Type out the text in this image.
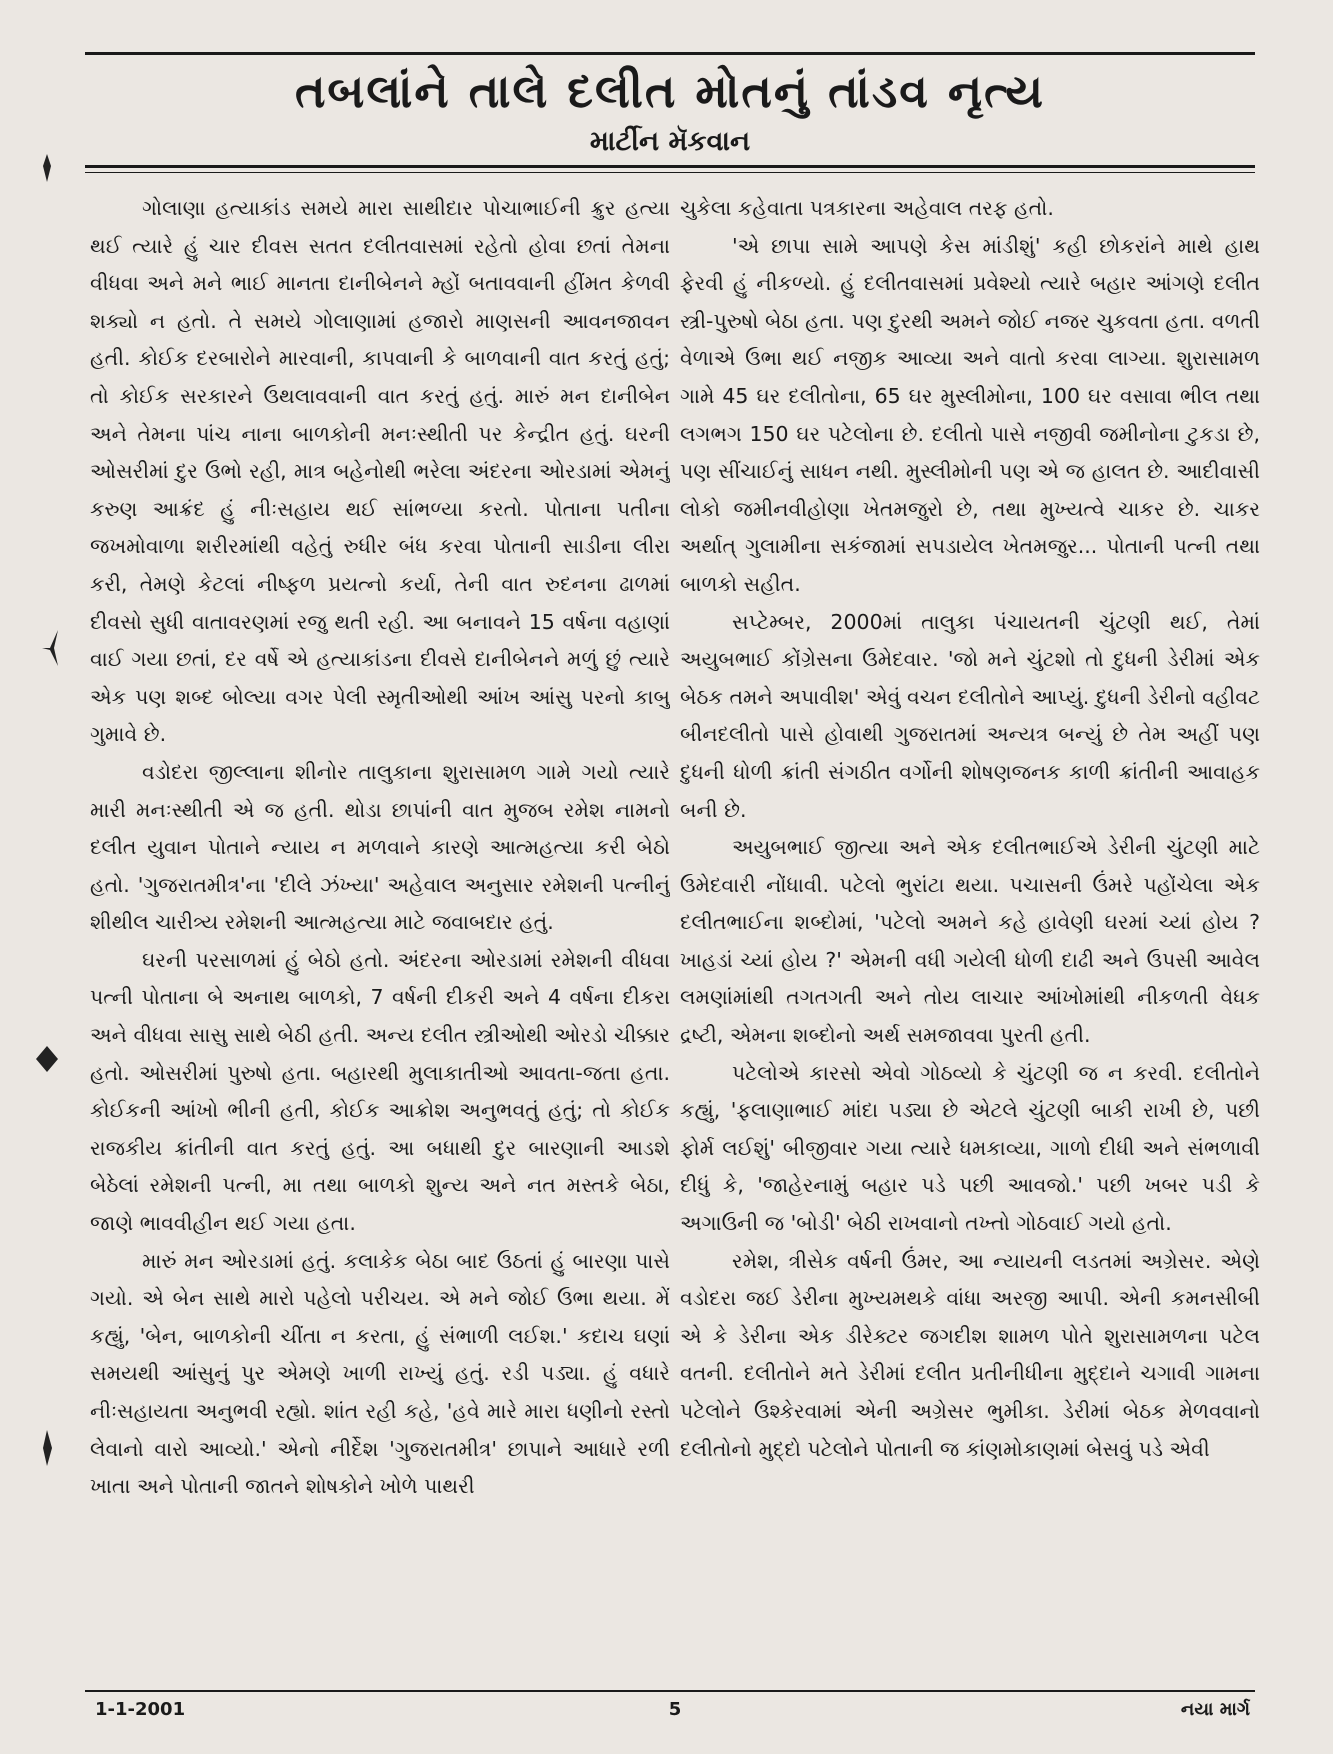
તબલાંને તાલે દલીત મોતનું તાંડવ નૃત્ય
માર્ટીન મૅકવાન

ગોલાણા હત્યાકાંડ સમયે મારા સાથીદાર પોચાભાઈની ક્રુર હત્યા થઈ ત્યારે હું ચાર દીવસ સતત દલીતવાસમાં રહેતો હોવા છતાં તેમના વીધવા અને મને ભાઈ માનતા દાનીબેનને મ્હોં બતાવવાની હીંમત કેળવી શક્યો ન હતો. તે સમયે ગોલાણામાં હજારો માણસની આવનજાવન હતી. કોઈક દરબારોને મારવાની, કાપવાની કે બાળવાની વાત કરતું હતું; તો કોઈક સરકારને ઉથલાવવાની વાત કરતું હતું. મારું મન દાનીબેન અને તેમના પાંચ નાના બાળકોની મનઃસ્થીતી પર કેન્દ્રીત હતું. ઘરની ઓસરીમાં દુર ઉભો રહી, માત્ર બહેનોથી ભરેલા અંદરના ઓરડામાં એમનું કરુણ આક્રંદ હું નીઃસહાય થઈ સાંભળ્યા કરતો. પોતાના પતીના જખમોવાળા શરીરમાંથી વહેતું રુધીર બંધ કરવા પોતાની સાડીના લીરા કરી, તેમણે કેટલાં નીષ્ફળ પ્રયત્નો કર્યા, તેની વાત રુદનના ઢાળમાં દીવસો સુધી વાતાવરણમાં રજુ થતી રહી. આ બનાવને 15 વર્ષના વહાણાં વાઈ ગયા છતાં, દર વર્ષે એ હત્યાકાંડના દીવસે દાનીબેનને મળું છું ત્યારે એક પણ શબ્દ બોલ્યા વગર પેલી સ્મૃતીઓથી આંખ આંસુ પરનો કાબુ ગુમાવે છે.

વડોદરા જીલ્લાના શીનોર તાલુકાના શુરાસામળ ગામે ગયો ત્યારે મારી મનઃસ્થીતી એ જ હતી. થોડા છાપાંની વાત મુજબ રમેશ નામનો દલીત યુવાન પોતાને ન્યાય ન મળવાને કારણે આત્મહત્યા કરી બેઠો હતો. 'ગુજરાતમીત્ર'ના 'દીલે ઝંખ્યા' અહેવાલ અનુસાર રમેશની પત્નીનું શીથીલ ચારીત્ર્ય રમેશની આત્મહત્યા માટે જવાબદાર હતું.

ઘરની પરસાળમાં હું બેઠો હતો. અંદરના ઓરડામાં રમેશની વીધવા પત્ની પોતાના બે અનાથ બાળકો, 7 વર્ષની દીકરી અને 4 વર્ષના દીકરા અને વીધવા સાસુ સાથે બેઠી હતી. અન્ય દલીત સ્ત્રીઓથી ઓરડો ચીક્કાર હતો. ઓસરીમાં પુરુષો હતા. બહારથી મુલાકાતીઓ આવતા-જતા હતા. કોઈકની આંખો ભીની હતી, કોઈક આક્રોશ અનુભવતું હતું; તો કોઈક રાજકીય ક્રાંતીની વાત કરતું હતું. આ બધાથી દુર બારણાની આડશે બેઠેલાં રમેશની પત્ની, મા તથા બાળકો શુન્ય અને નત મસ્તકે બેઠા, જાણે ભાવવીહીન થઈ ગયા હતા.

મારું મન ઓરડામાં હતું. કલાકેક બેઠા બાદ ઉઠતાં હું બારણા પાસે ગયો. એ બેન સાથે મારો પહેલો પરીચય. એ મને જોઈ ઉભા થયા. મેં કહ્યું, 'બેન, બાળકોની ચીંતા ન કરતા, હું સંભાળી લઈશ.' કદાચ ઘણાં સમયથી આંસુનું પુર એમણે ખાળી રાખ્યું હતું. રડી પડ્યા. હું વધારે નીઃસહાયતા અનુભવી રહ્યો. શાંત રહી કહે, 'હવે મારે મારા ધણીનો રસ્તો લેવાનો વારો આવ્યો.' એનો નીર્દેશ 'ગુજરાતમીત્ર' છાપાને આધારે રળી ખાતા અને પોતાની જાતને શોષકોને ખોળે પાથરી

ચુકેલા કહેવાતા પત્રકારના અહેવાલ તરફ હતો.

'એ છાપા સામે આપણે કેસ માંડીશું' કહી છોકરાંને માથે હાથ ફેરવી હું નીકળ્યો. હું દલીતવાસમાં પ્રવેશ્યો ત્યારે બહાર આંગણે દલીત સ્ત્રી-પુરુષો બેઠા હતા. પણ દુરથી અમને જોઈ નજર ચુકવતા હતા. વળતી વેળાએ ઉભા થઈ નજીક આવ્યા અને વાતો કરવા લાગ્યા. શુરાસામળ ગામે 45 ઘર દલીતોના, 65 ઘર મુસ્લીમોના, 100 ઘર વસાવા ભીલ તથા લગભગ 150 ઘર પટેલોના છે. દલીતો પાસે નજીવી જમીનોના ટુકડા છે, પણ સીંચાઈનું સાધન નથી. મુસ્લીમોની પણ એ જ હાલત છે. આદીવાસી લોકો જમીનવીહોણા ખેતમજુરો છે, તથા મુખ્યત્વે ચાકર છે. ચાકર અર્થાત્ ગુલામીના સકંજામાં સપડાયેલ ખેતમજુર... પોતાની પત્ની તથા બાળકો સહીત.

સપ્ટેમ્બર, 2000માં તાલુકા પંચાયતની ચુંટણી થઈ, તેમાં અયુબભાઈ કોંગ્રેસના ઉમેદવાર. 'જો મને ચુંટશો તો દુધની ડેરીમાં એક બેઠક તમને અપાવીશ' એવું વચન દલીતોને આપ્યું. દુધની ડેરીનો વહીવટ બીનદલીતો પાસે હોવાથી ગુજરાતમાં અન્યત્ર બન્યું છે તેમ અહીં પણ દુધની ધોળી ક્રાંતી સંગઠીત વર્ગોની શોષણજનક કાળી ક્રાંતીની આવાહક બની છે.

અયુબભાઈ જીત્યા અને એક દલીતભાઈએ ડેરીની ચુંટણી માટે ઉમેદવારી નોંધાવી. પટેલો ભુરાંટા થયા. પચાસની ઉંમરે પહોંચેલા એક દલીતભાઈના શબ્દોમાં, 'પટેલો અમને કહે હાવેણી ઘરમાં ચ્યાં હોય ? ખાહડાં ચ્યાં હોય ?' એમની વધી ગયેલી ધોળી દાઢી અને ઉપસી આવેલ લમણાંમાંથી તગતગતી અને તોય લાચાર આંખોમાંથી નીકળતી વેધક દ્રષ્ટી, એમના શબ્દોનો અર્થ સમજાવવા પુરતી હતી.

પટેલોએ કારસો એવો ગોઠવ્યો કે ચુંટણી જ ન કરવી. દલીતોને કહ્યું, 'ફલાણાભાઈ માંદા પડ્યા છે એટલે ચુંટણી બાકી રાખી છે, પછી ફોર્મ લઈશું' બીજીવાર ગયા ત્યારે ધમકાવ્યા, ગાળો દીધી અને સંભળાવી દીધું કે, 'જાહેરનામું બહાર પડે પછી આવજો.' પછી ખબર પડી કે અગાઉની જ 'બોડી' બેઠી રાખવાનો તખ્તો ગોઠવાઈ ગયો હતો.

રમેશ, ત્રીસેક વર્ષની ઉંમર, આ ન્યાયની લડતમાં અગ્રેસર. એણે વડોદરા જઈ ડેરીના મુખ્યમથકે વાંધા અરજી આપી. એની કમનસીબી એ કે ડેરીના એક ડીરેક્ટર જગદીશ શામળ પોતે શુરાસામળના પટેલ વતની. દલીતોને મતે ડેરીમાં દલીત પ્રતીનીધીના મુદ્દાને ચગાવી ગામના પટેલોને ઉશ્કેરવામાં એની અગ્રેસર ભુમીકા. ડેરીમાં બેઠક મેળવવાનો દલીતોનો મુદ્દો પટેલોને પોતાની જ કાંણમોકાણમાં બેસવું પડે એવી

1-1-2001	5	નયા માર્ગ
